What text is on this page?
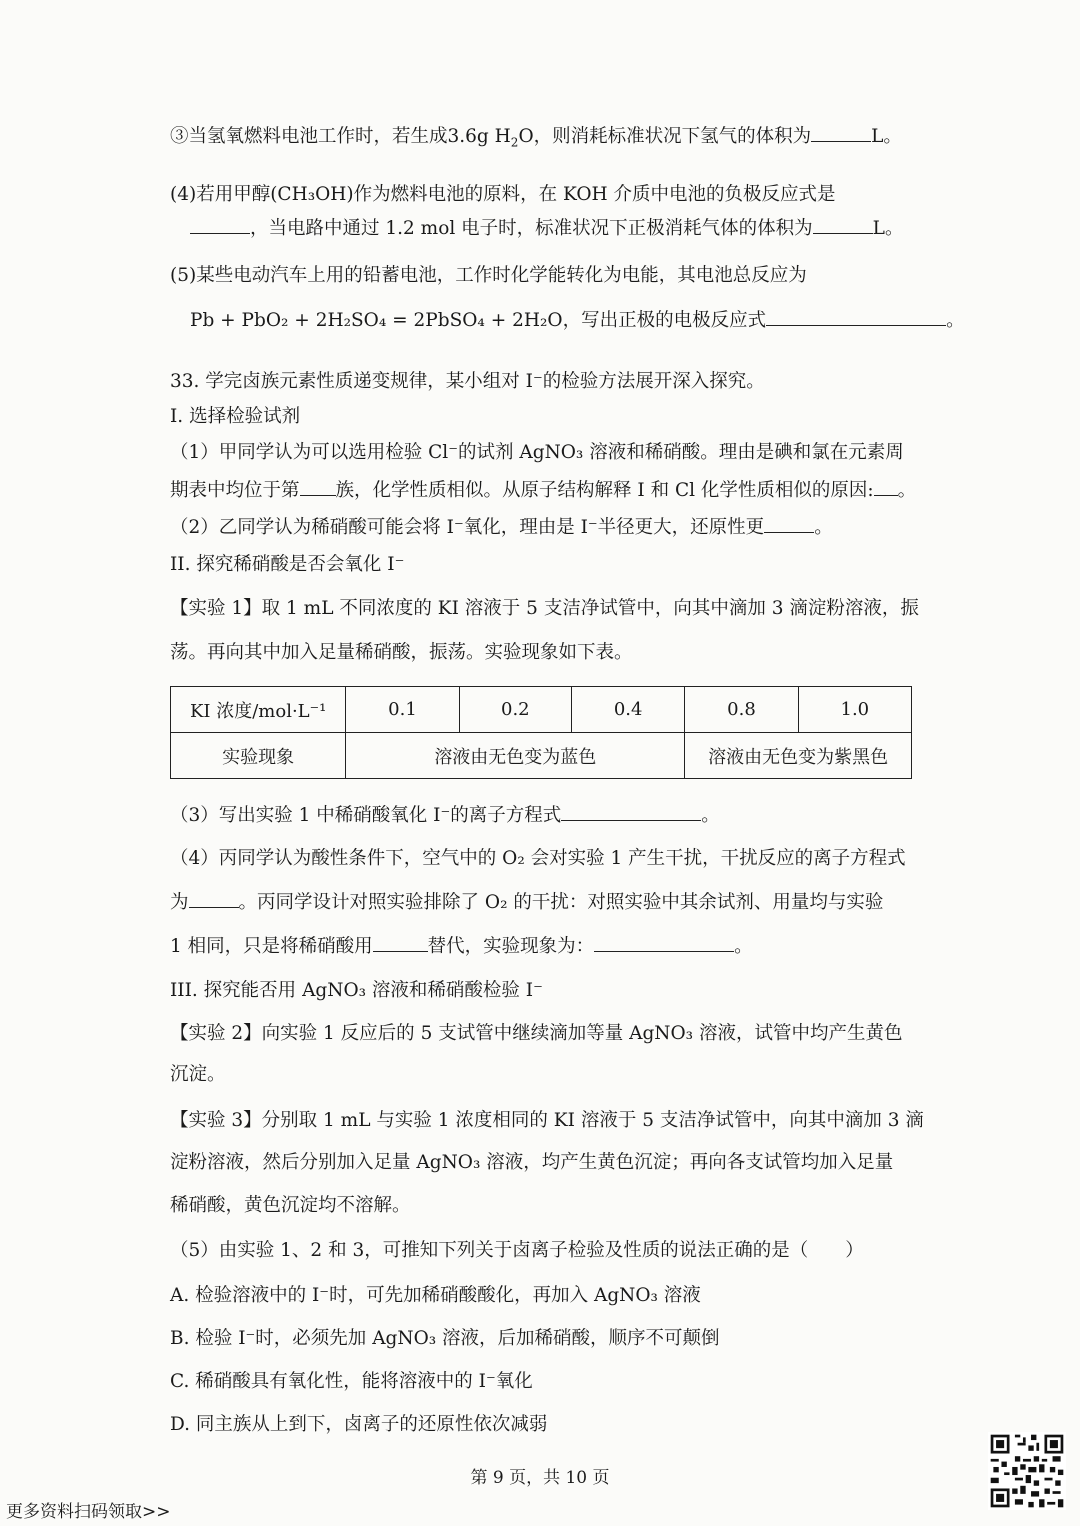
③当氢氧燃料电池工作时，若生成3.6g $H_2O$，则消耗标准状况下氢气的体积为	L。
(4)若用甲醇(CH₃OH)作为燃料电池的原料，在 KOH 介质中电池的负极反应式是
，当电路中通过 1.2 mol 电子时，标准状况下正极消耗气体的体积为	L。
(5)某些电动汽车上用的铅蓄电池，工作时化学能转化为电能，其电池总反应为
Pb + PbO₂ + 2H₂SO₄ = 2PbSO₄ + 2H₂O，写出正极的电极反应式	。
33. 学完卤族元素性质递变规律，某小组对 I⁻的检验方法展开深入探究。
I. 选择检验试剂
（1）甲同学认为可以选用检验 Cl⁻的试剂 AgNO₃ 溶液和稀硝酸。理由是碘和氯在元素周
期表中均位于第 族，化学性质相似。从原子结构解释 I 和 Cl 化学性质相似的原因: 。
（2）乙同学认为稀硝酸可能会将 I⁻氧化，理由是 I⁻半径更大，还原性更	。
II. 探究稀硝酸是否会氧化 I⁻
【实验 1】取 1 mL 不同浓度的 KI 溶液于 5 支洁净试管中，向其中滴加 3 滴淀粉溶液，振
荡。再向其中加入足量稀硝酸，振荡。实验现象如下表。
KI 浓度/mol·L⁻¹	0.1	0.2	0.4	0.8	1.0
实验现象	溶液由无色变为蓝色			溶液由无色变为紫黑色	
（3）写出实验 1 中稀硝酸氧化 I⁻的离子方程式	。
（4）丙同学认为酸性条件下，空气中的 O₂ 会对实验 1 产生干扰，干扰反应的离子方程式
为	。丙同学设计对照实验排除了 O₂ 的干扰：对照实验中其余试剂、用量均与实验
1 相同，只是将稀硝酸用	替代，实验现象为：	。
III. 探究能否用 AgNO₃ 溶液和稀硝酸检验 I⁻
【实验 2】向实验 1 反应后的 5 支试管中继续滴加等量 AgNO₃ 溶液，试管中均产生黄色
沉淀。
【实验 3】分别取 1 mL 与实验 1 浓度相同的 KI 溶液于 5 支洁净试管中，向其中滴加 3 滴
淀粉溶液，然后分别加入足量 AgNO₃ 溶液，均产生黄色沉淀；再向各支试管均加入足量
稀硝酸，黄色沉淀均不溶解。
（5）由实验 1、2 和 3，可推知下列关于卤离子检验及性质的说法正确的是（　　）
A. 检验溶液中的 I⁻时，可先加稀硝酸酸化，再加入 AgNO₃ 溶液
B. 检验 I⁻时，必须先加 AgNO₃ 溶液，后加稀硝酸，顺序不可颠倒
C. 稀硝酸具有氧化性，能将溶液中的 I⁻氧化
D. 同主族从上到下，卤离子的还原性依次减弱
第 9 页，共 10 页
更多资料扫码领取>>
